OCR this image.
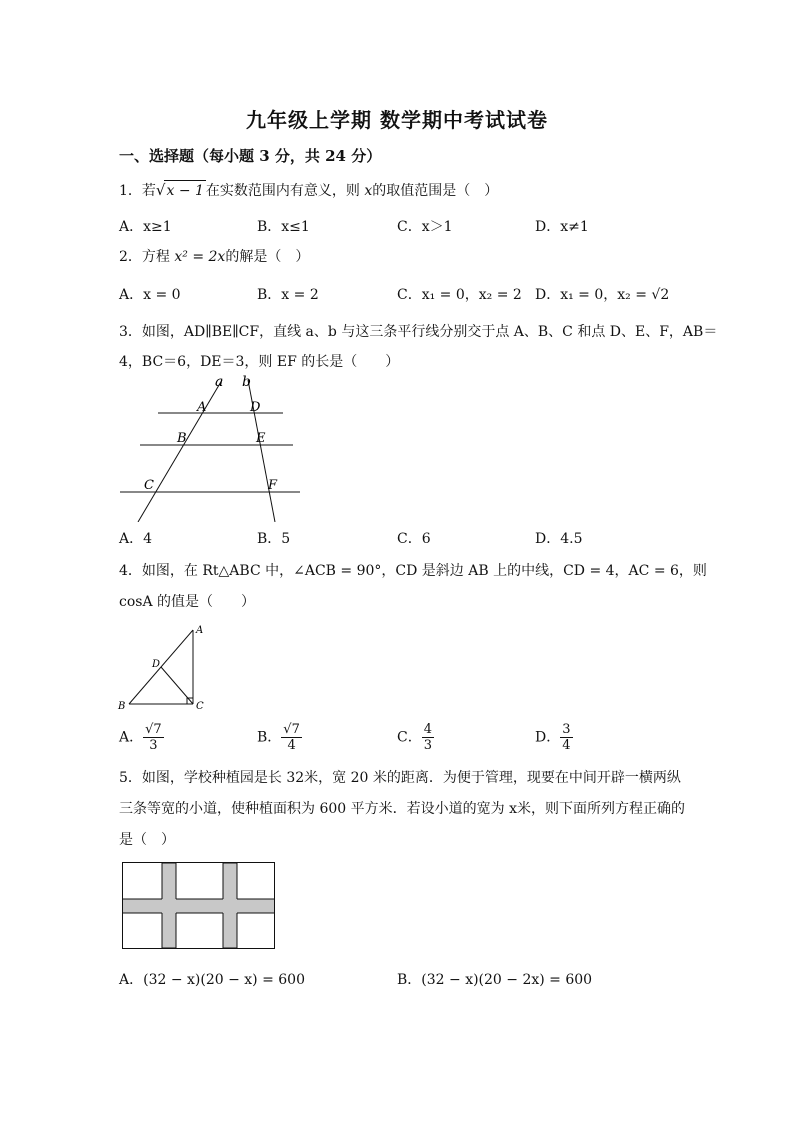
九年级上学期 数学期中考试试卷
一、选择题（每小题 3 分，共 24 分）
1．若√x − 1 在实数范围内有意义，则 x的取值范围是（　）
A．x≥1	B．x≤1	C．x＞1	D．x≠1
2．方程 x² = 2x的解是（　）
A．x = 0	B．x = 2	C．x₁ = 0，x₂ = 2 D．x₁ = 0，x₂ = √2
3．如图，AD∥BE∥CF，直线 a、b 与这三条平行线分别交于点 A、B、C 和点 D、E、F，AB＝
4，BC＝6，DE＝3，则 EF 的长是（　　）
a b
A	D
B	E
C	F
A．4	B．5	C．6	D．4.5
4．如图，在 Rt△ABC 中，∠ACB = 90°，CD 是斜边 AB 上的中线，CD = 4，AC = 6，则
cosA 的值是（　　）
A
B	C
D
A． $\frac{√7}{3}$	B． $\frac{√7}{4}$	C． $\frac{4}{3}$	D． $\frac{3}{4}$
5．如图，学校种植园是长 32米，宽 20 米的距离．为便于管理，现要在中间开辟一横两纵
三条等宽的小道，使种植面积为 600 平方米．若设小道的宽为 x米，则下面所列方程正确的
是（　）
A．(32 − x)(20 − x) = 600	B．(32 − x)(20 − 2x) = 600
